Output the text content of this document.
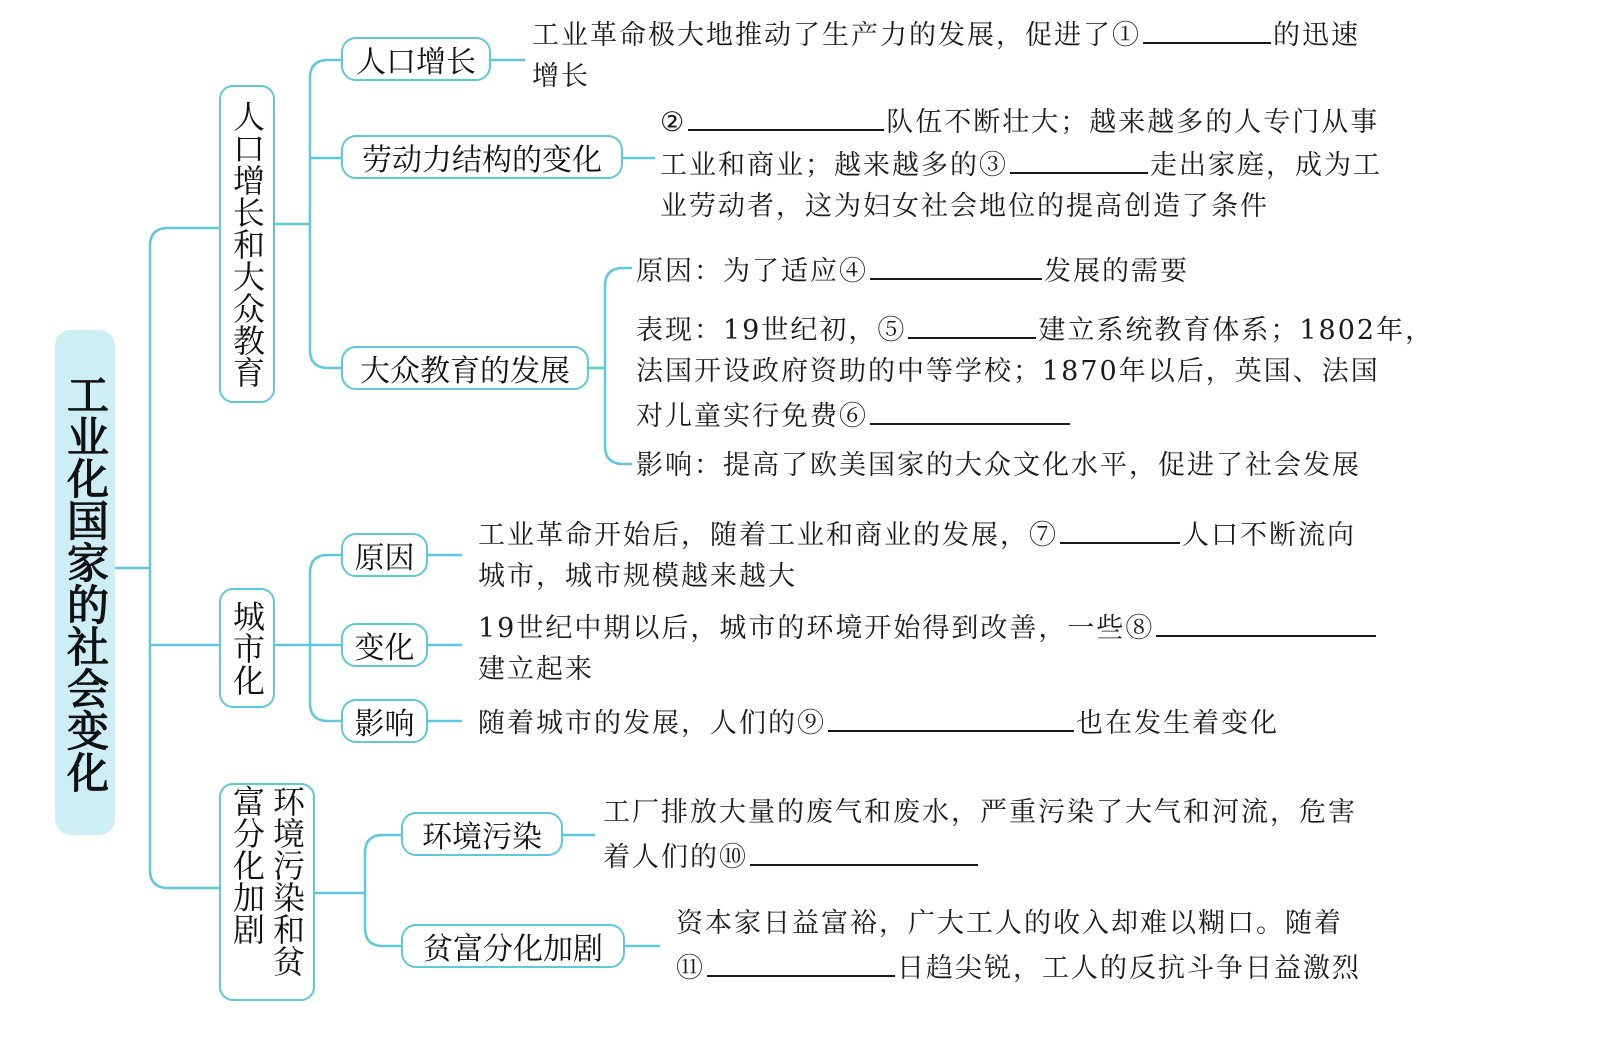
工业化国家的社会变化
人口增长和大众教育
人口增长
工业革命极大地推动了生产力的发展，促进了①	的迅速
增长
劳动力结构的变化
②	队伍不断壮大；越来越多的人专门从事
工业和商业；越来越多的③	走出家庭，成为工
业劳动者，这为妇女社会地位的提高创造了条件
大众教育的发展
原因：为了适应④	发展的需要
表现：19世纪初，⑤	建立系统教育体系；1802年，
法国开设政府资助的中等学校；1870年以后，英国、法国
对儿童实行免费⑥
影响：提高了欧美国家的大众文化水平，促进了社会发展
城市化
原因
工业革命开始后，随着工业和商业的发展，⑦	人口不断流向
城市，城市规模越来越大
变化
19世纪中期以后，城市的环境开始得到改善，一些⑧
建立起来
影响	随着城市的发展，人们的⑨	也在发生着变化
环境污染和贫富分化加剧	环境污染
工厂排放大量的废气和废水，严重污染了大气和河流，危害
着人们的⑩
贫富分化加剧
资本家日益富裕，广大工人的收入却难以糊口。随着
⑪	日趋尖锐，工人的反抗斗争日益激烈
